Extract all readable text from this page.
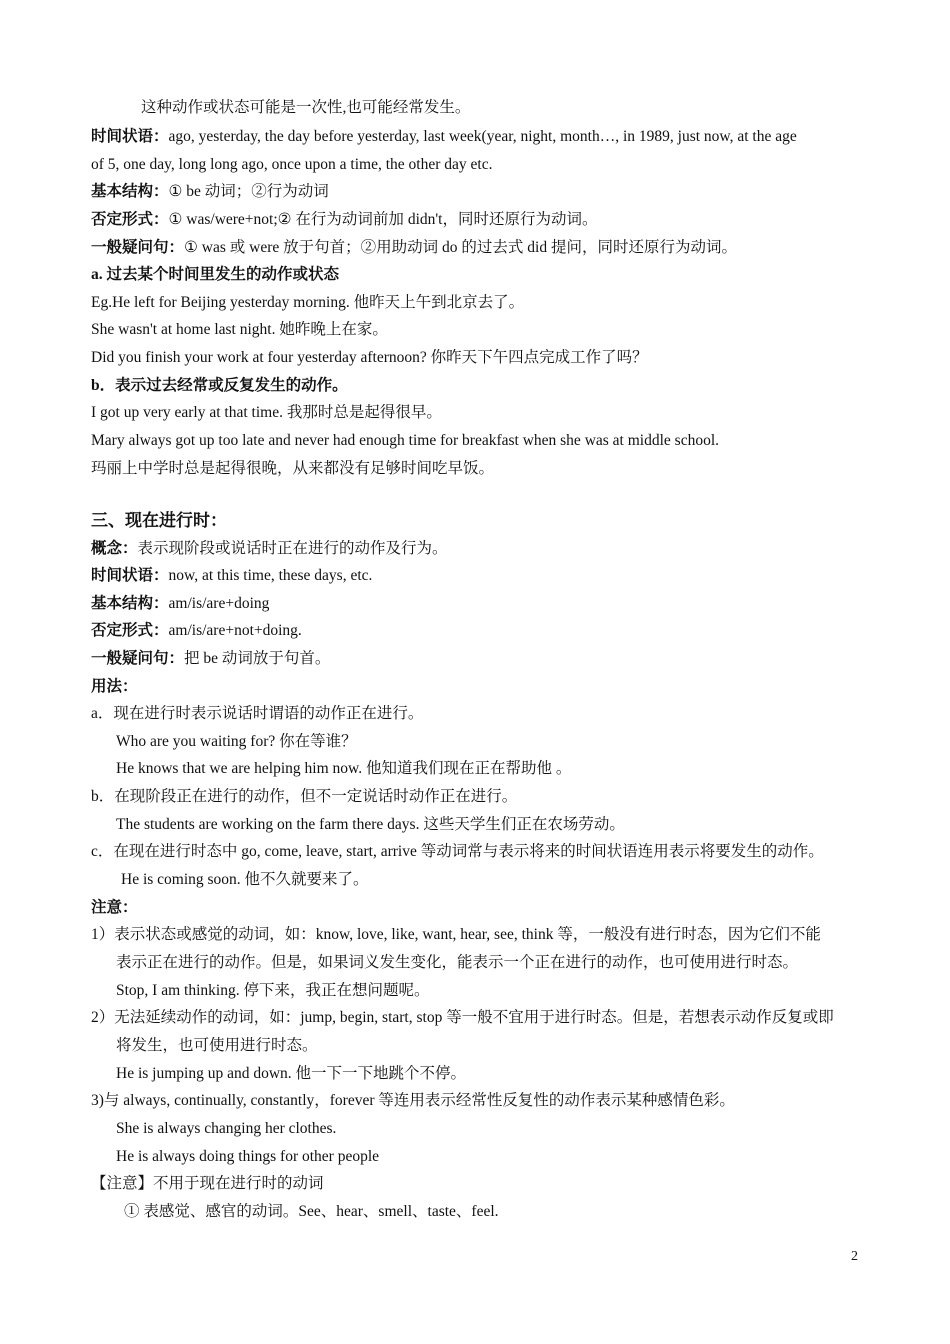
这种动作或状态可能是一次性,也可能经常发生。
时间状语：ago, yesterday, the day before yesterday, last week(year, night, month…, in 1989, just now, at the age
of 5, one day, long long ago, once upon a time, the other day etc.
基本结构：① be 动词；②行为动词
否定形式：① was/were+not;② 在行为动词前加 didn't，同时还原行为动词。
一般疑问句：① was 或 were 放于句首；②用助动词 do 的过去式 did 提问，同时还原行为动词。
a. 过去某个时间里发生的动作或状态
Eg.He left for Beijing yesterday morning. 他昨天上午到北京去了。
She wasn't at home last night. 她昨晚上在家。
Did you finish your work at four yesterday afternoon? 你昨天下午四点完成工作了吗？
b．表示过去经常或反复发生的动作。
I got up very early at that time. 我那时总是起得很早。
Mary always got up too late and never had enough time for breakfast when she was at middle school.
玛丽上中学时总是起得很晚，从来都没有足够时间吃早饭。
三、现在进行时：
概念：表示现阶段或说话时正在进行的动作及行为。
时间状语：now, at this time, these days, etc.
基本结构：am/is/are+doing
否定形式：am/is/are+not+doing.
一般疑问句：把 be 动词放于句首。
用法：
a．现在进行时表示说话时谓语的动作正在进行。
Who are you waiting for? 你在等谁？
He knows that we are helping him now. 他知道我们现在正在帮助他 。
b．在现阶段正在进行的动作，但不一定说话时动作正在进行。
The students are working on the farm there days. 这些天学生们正在农场劳动。
c．在现在进行时态中 go, come, leave, start, arrive 等动词常与表示将来的时间状语连用表示将要发生的动作。
He is coming soon. 他不久就要来了。
注意：
1）表示状态或感觉的动词，如：know, love, like, want, hear, see, think 等，一般没有进行时态，因为它们不能
表示正在进行的动作。但是，如果词义发生变化，能表示一个正在进行的动作，也可使用进行时态。
Stop, I am thinking. 停下来，我正在想问题呢。
2）无法延续动作的动词，如：jump, begin, start, stop 等一般不宜用于进行时态。但是，若想表示动作反复或即
将发生，也可使用进行时态。
He is jumping up and down. 他一下一下地跳个不停。
3)与 always, continually, constantly，forever 等连用表示经常性反复性的动作表示某种感情色彩。
She is always changing her clothes.
He is always doing things for other people
【注意】不用于现在进行时的动词
① 表感觉、感官的动词。See、hear、smell、taste、feel.
2
